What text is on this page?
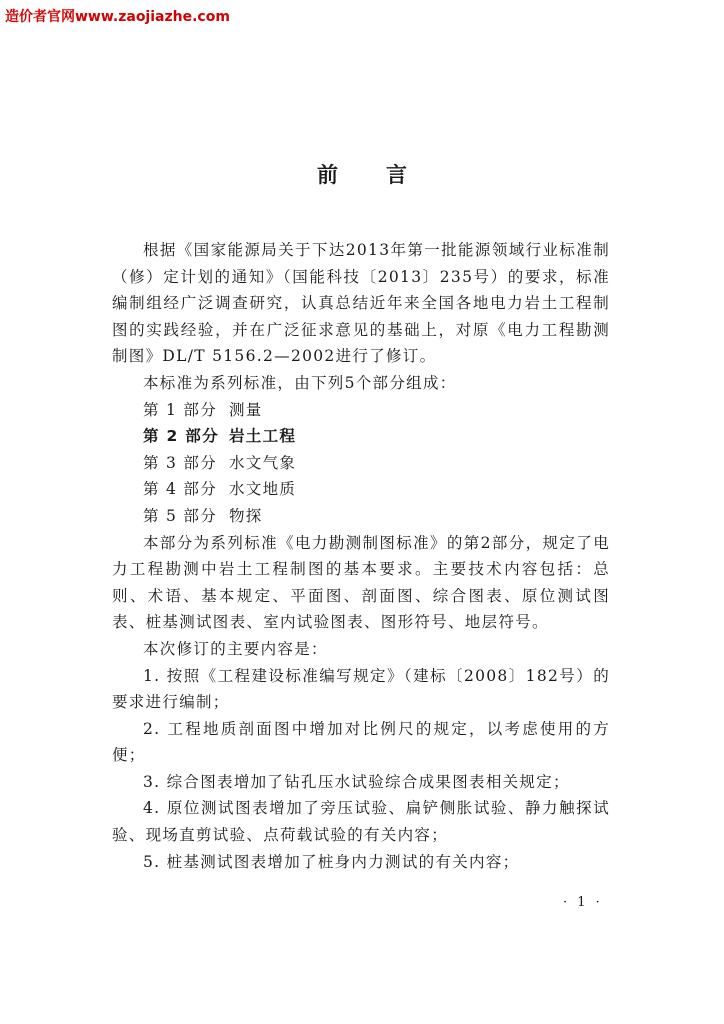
造价者官网www.zaojiazhe.com
前言

根据《国家能源局关于下达2013年第一批能源领域行业标准制（修）定计划的通知》（国能科技〔2013〕235号）的要求，标准编制组经广泛调查研究，认真总结近年来全国各地电力岩土工程制图的实践经验，并在广泛征求意见的基础上，对原《电力工程勘测制图》DL/T 5156.2—2002进行了修订。

本标准为系列标准，由下列5个部分组成：

第 1 部分 测量
第 2 部分 岩土工程
第 3 部分 水文气象
第 4 部分 水文地质
第 5 部分 物探

本部分为系列标准《电力勘测制图标准》的第2部分，规定了电力工程勘测中岩土工程制图的基本要求。主要技术内容包括：总则、术语、基本规定、平面图、剖面图、综合图表、原位测试图表、桩基测试图表、室内试验图表、图形符号、地层符号。

本次修订的主要内容是：

1. 按照《工程建设标准编写规定》（建标〔2008〕182号）的要求进行编制；

2. 工程地质剖面图中增加对比例尺的规定，以考虑使用的方便；

3. 综合图表增加了钻孔压水试验综合成果图表相关规定；

4. 原位测试图表增加了旁压试验、扁铲侧胀试验、静力触探试验、现场直剪试验、点荷载试验的有关内容；

5. 桩基测试图表增加了桩身内力测试的有关内容；

· 1 ·
